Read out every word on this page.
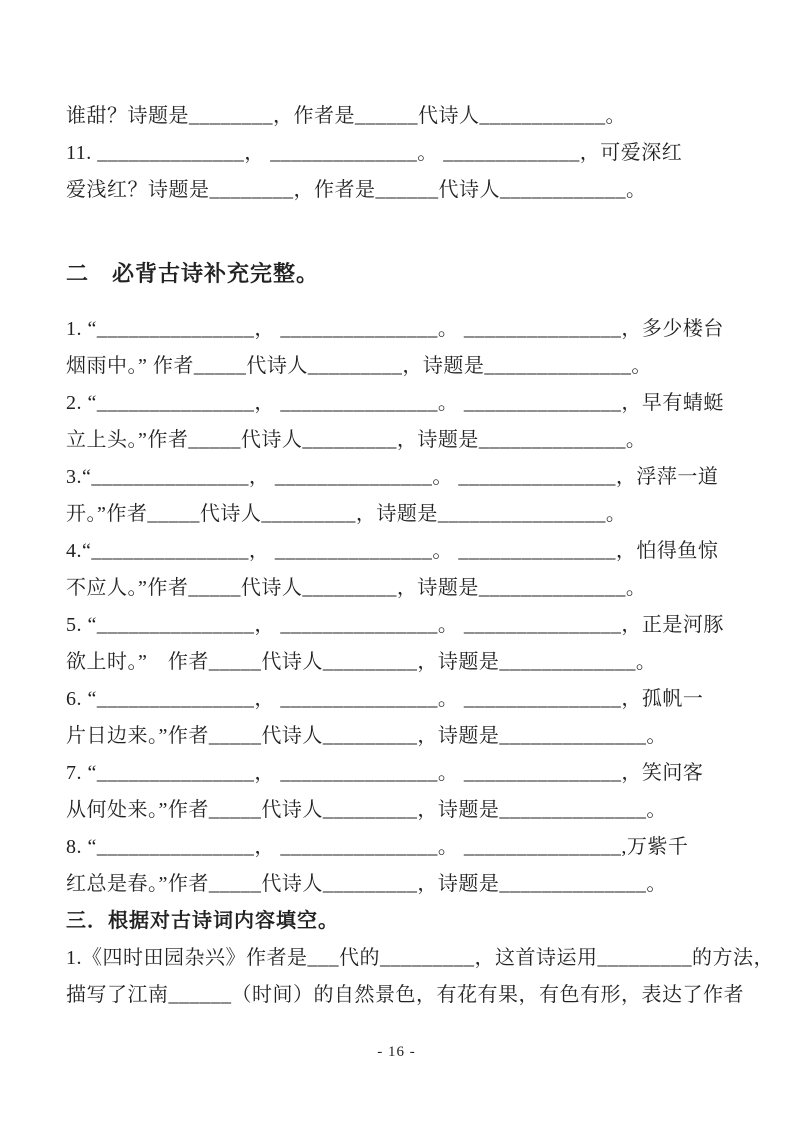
谁甜？诗题是________，作者是______代诗人____________。
11. ______________， ______________。 _____________，可爱深红
爱浅红？诗题是________，作者是______代诗人____________。
二　必背古诗补充完整。
1. “_______________， _______________。 _______________，多少楼台
烟雨中。” 作者_____代诗人_________，诗题是______________。
2. “_______________， _______________。 _______________，早有蜻蜓
立上头。”作者_____代诗人_________，诗题是______________。
3.“_______________， _______________。 _______________，浮萍一道
开。”作者_____代诗人_________，诗题是________________。
4.“_______________， _______________。 _______________，怕得鱼惊
不应人。”作者_____代诗人_________，诗题是______________。
5. “_______________， _______________。 _______________，正是河豚
欲上时。”　作者_____代诗人_________，诗题是_____________。
6. “_______________， _______________。 _______________，孤帆一
片日边来。”作者_____代诗人_________，诗题是______________。
7. “_______________， _______________。 _______________，笑问客
从何处来。”作者_____代诗人_________，诗题是______________。
8. “_______________， _______________。 _______________,万紫千
红总是春。”作者_____代诗人_________，诗题是______________。
三．根据对古诗词内容填空。
1.《四时田园杂兴》作者是___代的_________，这首诗运用_________的方法，
描写了江南______（时间）的自然景色，有花有果，有色有形，表达了作者
- 16 -
